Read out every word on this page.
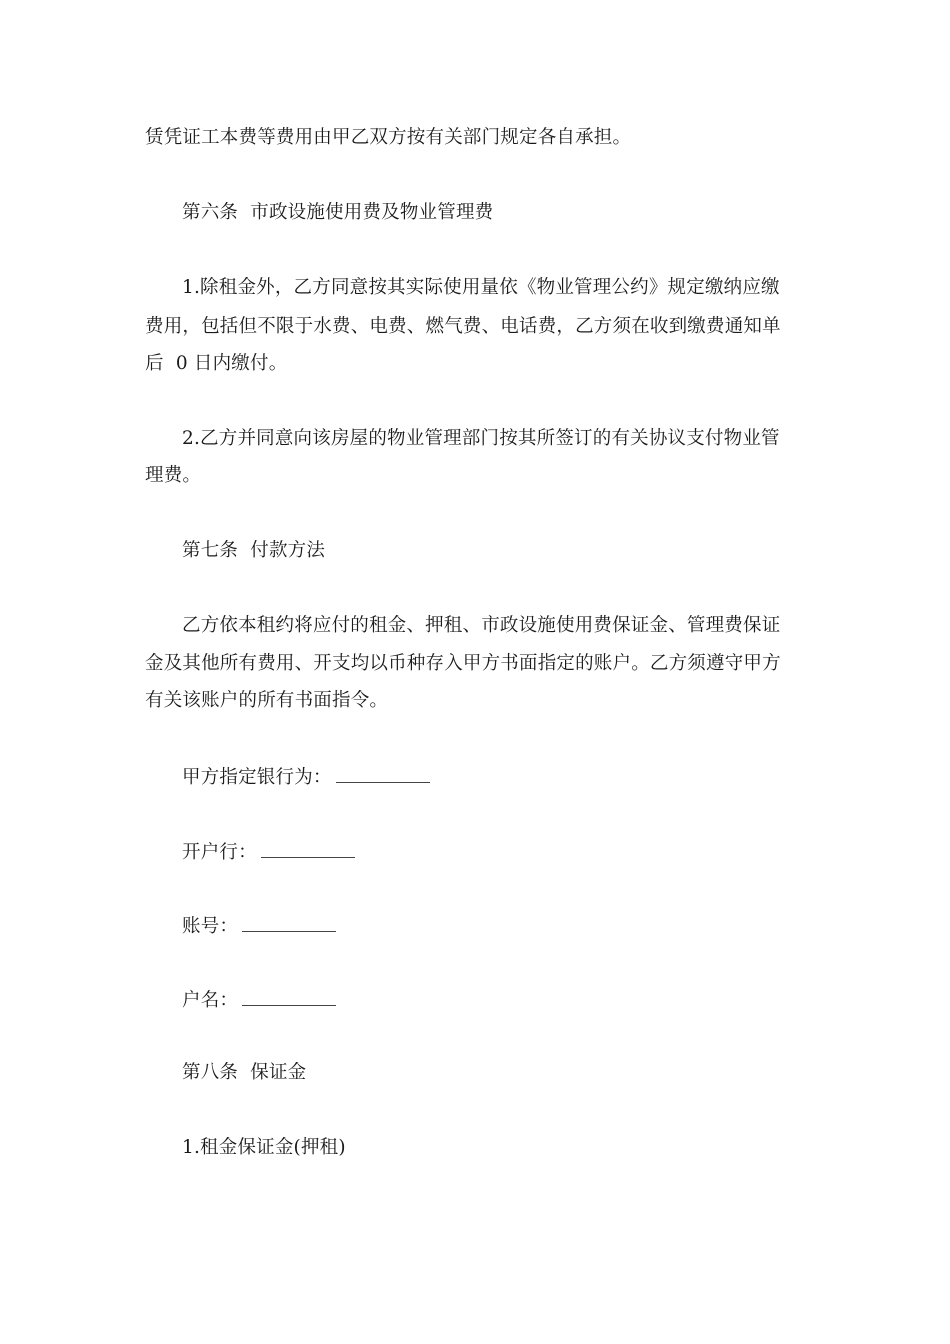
赁凭证工本费等费用由甲乙双方按有关部门规定各自承担。
第六条  市政设施使用费及物业管理费
1.除租金外，乙方同意按其实际使用量依《物业管理公约》规定缴纳应缴
费用，包括但不限于水费、电费、燃气费、电话费，乙方须在收到缴费通知单
后  0 日内缴付。
2.乙方并同意向该房屋的物业管理部门按其所签订的有关协议支付物业管
理费。
第七条  付款方法
乙方依本租约将应付的租金、押租、市政设施使用费保证金、管理费保证
金及其他所有费用、开支均以币种存入甲方书面指定的账户。乙方须遵守甲方
有关该账户的所有书面指令。
甲方指定银行为：
开户行：
账号：
户名：
第八条  保证金
1.租金保证金(押租)
